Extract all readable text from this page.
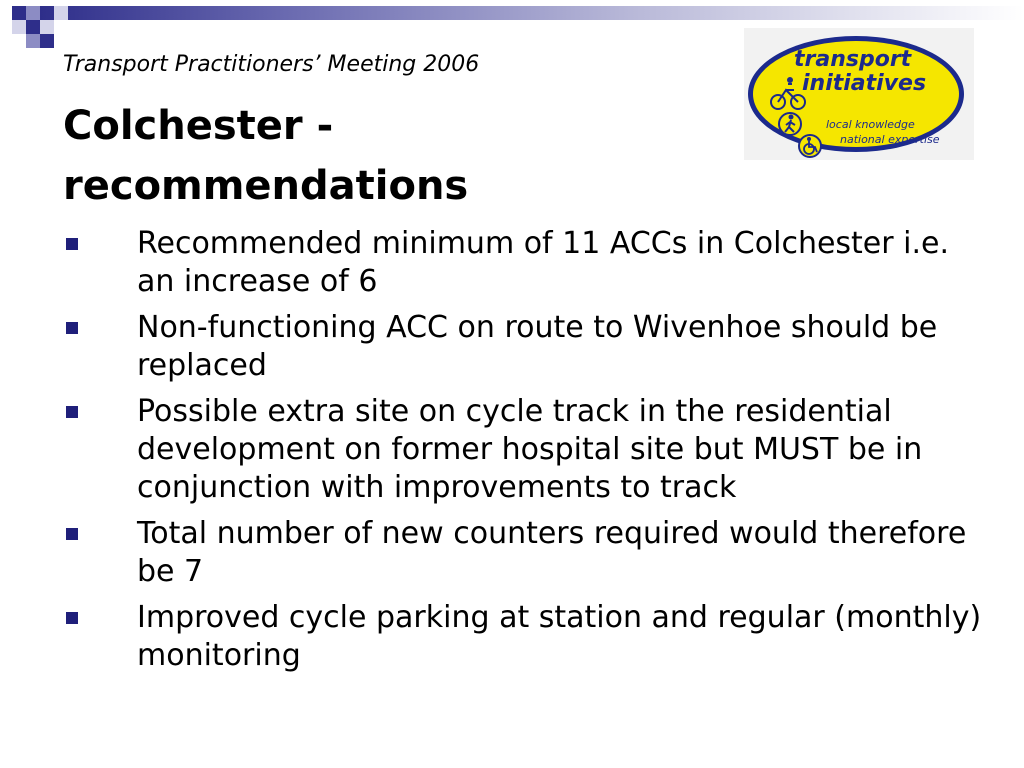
Transport Practitioners’ Meeting 2006
Colchester - recommendations
transport
initiatives
local knowledge
national expertise
Recommended minimum of 11 ACCs in Colchester i.e. an increase of 6
Non-functioning ACC on route to Wivenhoe should be replaced
Possible extra site on cycle track in the residential development on former hospital site but MUST be in conjunction with improvements to track
Total number of new counters required would therefore be 7
Improved cycle parking at station and regular (monthly) monitoring
